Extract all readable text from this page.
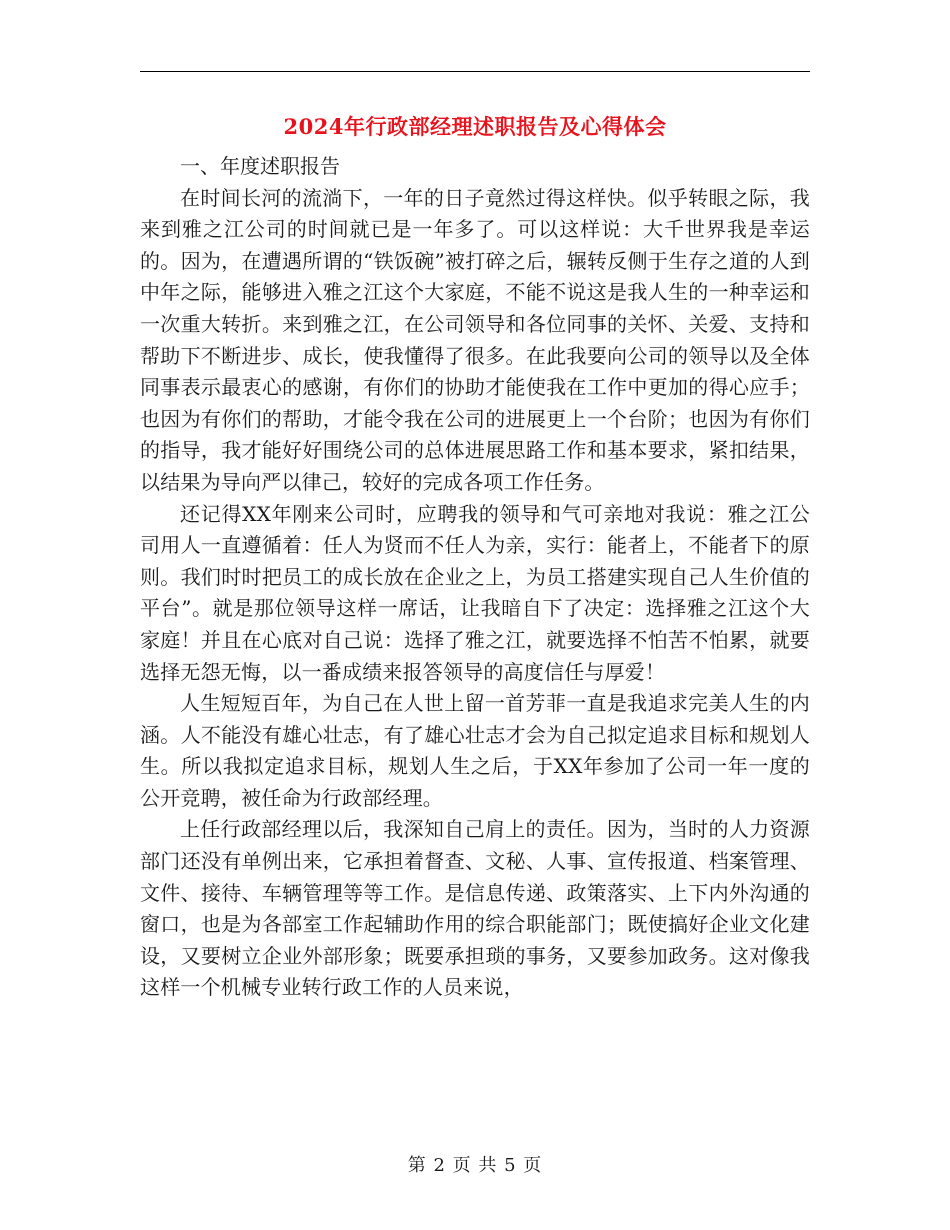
2024年行政部经理述职报告及心得体会

一、年度述职报告

在时间长河的流淌下，一年的日子竟然过得这样快。似乎转眼之际，我来到雅之江公司的时间就已是一年多了。可以这样说：大千世界我是幸运的。因为，在遭遇所谓的“铁饭碗”被打碎之后，辗转反侧于生存之道的人到中年之际，能够进入雅之江这个大家庭，不能不说这是我人生的一种幸运和一次重大转折。来到雅之江，在公司领导和各位同事的关怀、关爱、支持和帮助下不断进步、成长，使我懂得了很多。在此我要向公司的领导以及全体同事表示最衷心的感谢，有你们的协助才能使我在工作中更加的得心应手；也因为有你们的帮助，才能令我在公司的进展更上一个台阶；也因为有你们的指导，我才能好好围绕公司的总体进展思路工作和基本要求，紧扣结果，以结果为导向严以律己，较好的完成各项工作任务。

还记得XX年刚来公司时，应聘我的领导和气可亲地对我说：雅之江公司用人一直遵循着：任人为贤而不任人为亲，实行：能者上，不能者下的原则。我们时时把员工的成长放在企业之上，为员工搭建实现自己人生价值的平台”。就是那位领导这样一席话，让我暗自下了决定：选择雅之江这个大家庭！并且在心底对自己说：选择了雅之江，就要选择不怕苦不怕累，就要选择无怨无悔，以一番成绩来报答领导的高度信任与厚爱！

人生短短百年，为自己在人世上留一首芳菲一直是我追求完美人生的内涵。人不能没有雄心壮志，有了雄心壮志才会为自己拟定追求目标和规划人生。所以我拟定追求目标，规划人生之后，于XX年参加了公司一年一度的公开竞聘，被任命为行政部经理。

上任行政部经理以后，我深知自己肩上的责任。因为，当时的人力资源部门还没有单例出来，它承担着督查、文秘、人事、宣传报道、档案管理、文件、接待、车辆管理等等工作。是信息传递、政策落实、上下内外沟通的窗口，也是为各部室工作起辅助作用的综合职能部门；既使搞好企业文化建设，又要树立企业外部形象；既要承担琐的事务，又要参加政务。这对像我这样一个机械专业转行政工作的人员来说，

第 2 页 共 5 页
